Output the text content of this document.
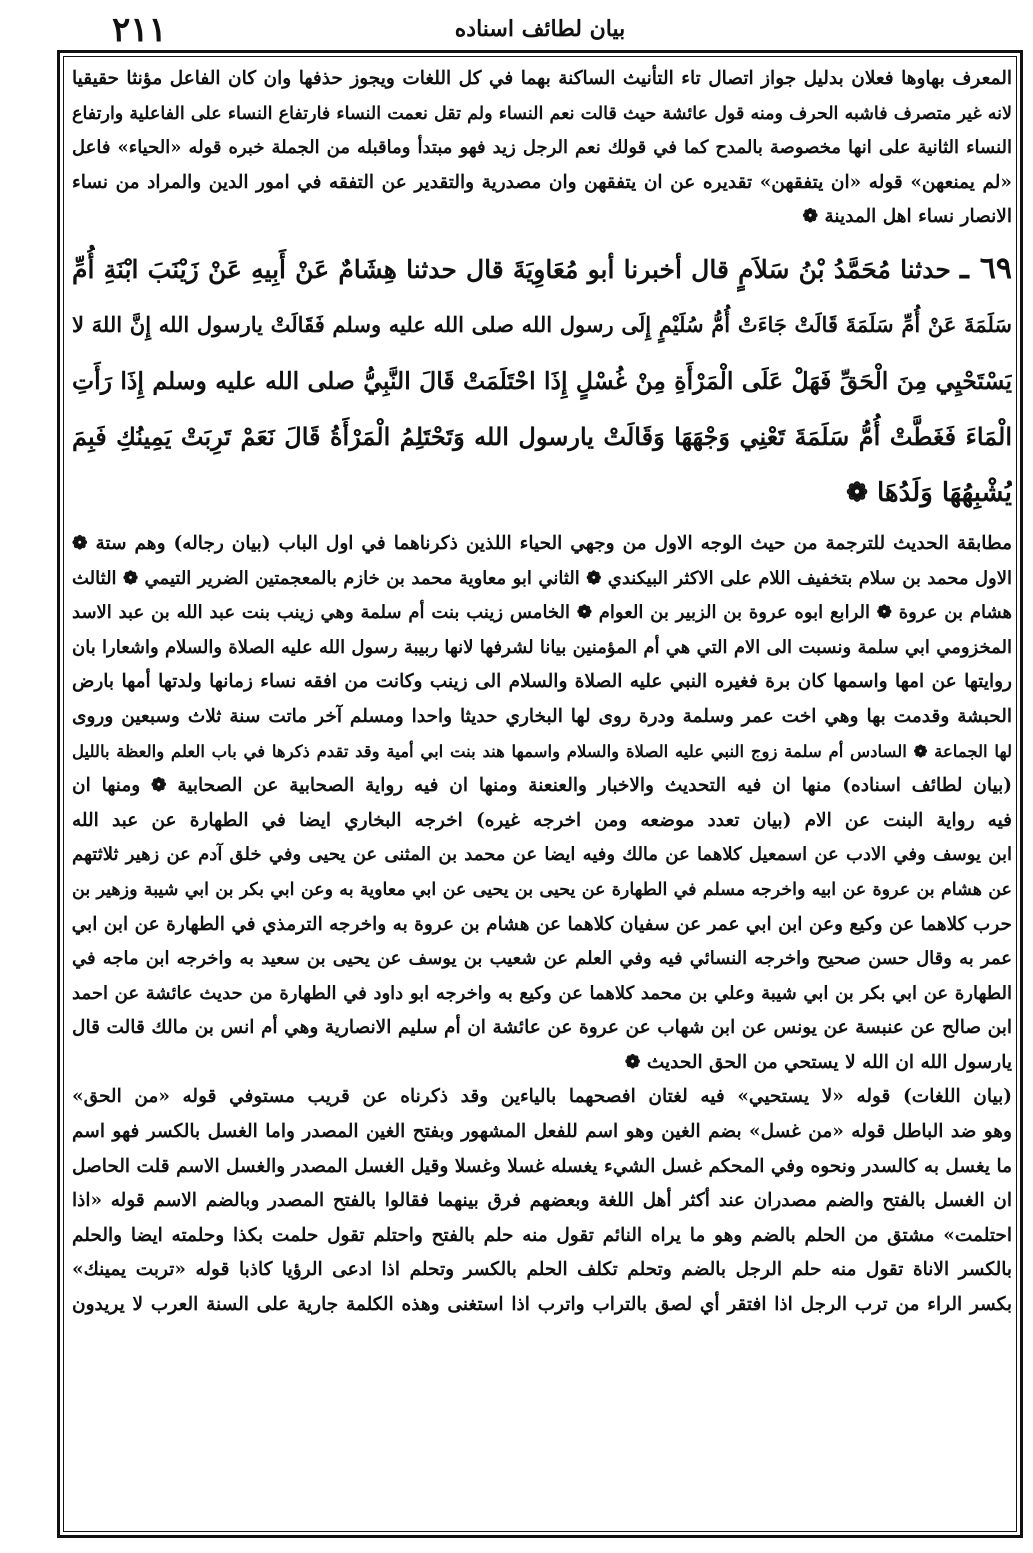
٢١١	بيان لطائف اسناده
المعرف بهاوها فعلان بدليل جواز اتصال تاء التأنيث الساكنة بهما في كل اللغات ويجوز حذفها وان كان الفاعل مؤنثا حقيقيا
لانه غير متصرف فاشبه الحرف ومنه قول عائشة حيث قالت نعم النساء ولم تقل نعمت النساء فارتفاع النساء على الفاعلية وارتفاع
النساء الثانية على انها مخصوصة بالمدح كما في قولك نعم الرجل زيد فهو مبتدأ وماقبله من الجملة خبره قوله «الحياء» فاعل
«لم يمنعهن» قوله «ان يتفقهن» تقديره عن ان يتفقهن وان مصدرية والتقدير عن التفقه في امور الدين والمراد من نساء
الانصار نساء اهل المدينة ❁
٦٩ ـ حدثنا مُحَمَّدُ بْنُ سَلاَمٍ قال أخبرنا أبو مُعَاوِيَةَ قال حدثنا هِشَامٌ عَنْ أَبِيهِ عَنْ زَيْنَبَ ابْنَةِ أُمِّ
سَلَمَةَ عَنْ أُمِّ سَلَمَةَ قَالَتْ جَاءَتْ أُمُّ سُلَيْمٍ إِلَى رسول الله صلى الله عليه وسلم فَقَالَتْ يارسول الله إِنَّ اللهَ لا
يَسْتَحْيِي مِنَ الْحَقِّ فَهَلْ عَلَى الْمَرْأَةِ مِنْ غُسْلٍ إِذَا احْتَلَمَتْ قَالَ النَّبِيُّ صلى الله عليه وسلم إِذَا رَأَتِ
الْمَاءَ فَغَطَّتْ أُمُّ سَلَمَةَ تَعْنِي وَجْهَهَا وَقَالَتْ يارسول الله وَتَحْتَلِمُ الْمَرْأَةُ قَالَ نَعَمْ تَرِبَتْ يَمِينُكِ فَبِمَ
يُشْبِهُهَا وَلَدُهَا ❁
مطابقة الحديث للترجمة من حيث الوجه الاول من وجهي الحياء اللذين ذكرناهما في اول الباب (بيان رجاله) وهم ستة ❁
الاول محمد بن سلام بتخفيف اللام على الاكثر البيكندي ❁ الثاني ابو معاوية محمد بن خازم بالمعجمتين الضرير التيمي ❁ الثالث
هشام بن عروة ❁ الرابع ابوه عروة بن الزبير بن العوام ❁ الخامس زينب بنت أم سلمة وهي زينب بنت عبد الله بن عبد الاسد
المخزومي ابي سلمة ونسبت الى الام التي هي أم المؤمنين بيانا لشرفها لانها ربيبة رسول الله عليه الصلاة والسلام واشعارا بان
روايتها عن امها واسمها كان برة فغيره النبي عليه الصلاة والسلام الى زينب وكانت من افقه نساء زمانها ولدتها أمها بارض
الحبشة وقدمت بها وهي اخت عمر وسلمة ودرة روى لها البخاري حديثا واحدا ومسلم آخر ماتت سنة ثلاث وسبعين وروى
لها الجماعة ❁ السادس أم سلمة زوج النبي عليه الصلاة والسلام واسمها هند بنت ابي أمية وقد تقدم ذكرها في باب العلم والعظة بالليل
(بيان لطائف اسناده) منها ان فيه التحديث والاخبار والعنعنة ومنها ان فيه رواية الصحابية عن الصحابية ❁ ومنها ان
فيه رواية البنت عن الام (بيان تعدد موضعه ومن اخرجه غيره) اخرجه البخاري ايضا في الطهارة عن عبد الله
ابن يوسف وفي الادب عن اسمعيل كلاهما عن مالك وفيه ايضا عن محمد بن المثنى عن يحيى وفي خلق آدم عن زهير ثلاثتهم
عن هشام بن عروة عن ابيه واخرجه مسلم في الطهارة عن يحيى بن يحيى عن ابي معاوية به وعن ابي بكر بن ابي شيبة وزهير بن
حرب كلاهما عن وكيع وعن ابن ابي عمر عن سفيان كلاهما عن هشام بن عروة به واخرجه الترمذي في الطهارة عن ابن ابي
عمر به وقال حسن صحيح واخرجه النسائي فيه وفي العلم عن شعيب بن يوسف عن يحيى بن سعيد به واخرجه ابن ماجه في
الطهارة عن ابي بكر بن ابي شيبة وعلي بن محمد كلاهما عن وكيع به واخرجه ابو داود في الطهارة من حديث عائشة عن احمد
ابن صالح عن عنبسة عن يونس عن ابن شهاب عن عروة عن عائشة ان أم سليم الانصارية وهي أم انس بن مالك قالت قال
يارسول الله ان الله لا يستحي من الحق الحديث ❁
(بيان اللغات) قوله «لا يستحيي» فيه لغتان افصحهما بالياءين وقد ذكرناه عن قريب مستوفي قوله «من الحق»
وهو ضد الباطل قوله «من غسل» بضم الغين وهو اسم للفعل المشهور وبفتح الغين المصدر واما الغسل بالكسر فهو اسم
ما يغسل به كالسدر ونحوه وفي المحكم غسل الشيء يغسله غسلا وغسلا وقيل الغسل المصدر والغسل الاسم قلت الحاصل
ان الغسل بالفتح والضم مصدران عند أكثر أهل اللغة وبعضهم فرق بينهما فقالوا بالفتح المصدر وبالضم الاسم قوله «اذا
احتلمت» مشتق من الحلم بالضم وهو ما يراه النائم تقول منه حلم بالفتح واحتلم تقول حلمت بكذا وحلمته ايضا والحلم
بالكسر الاناة تقول منه حلم الرجل بالضم وتحلم تكلف الحلم بالكسر وتحلم اذا ادعى الرؤيا كاذبا قوله «تربت يمينك»
بكسر الراء من ترب الرجل اذا افتقر أي لصق بالتراب واترب اذا استغنى وهذه الكلمة جارية على السنة العرب لا يريدون
